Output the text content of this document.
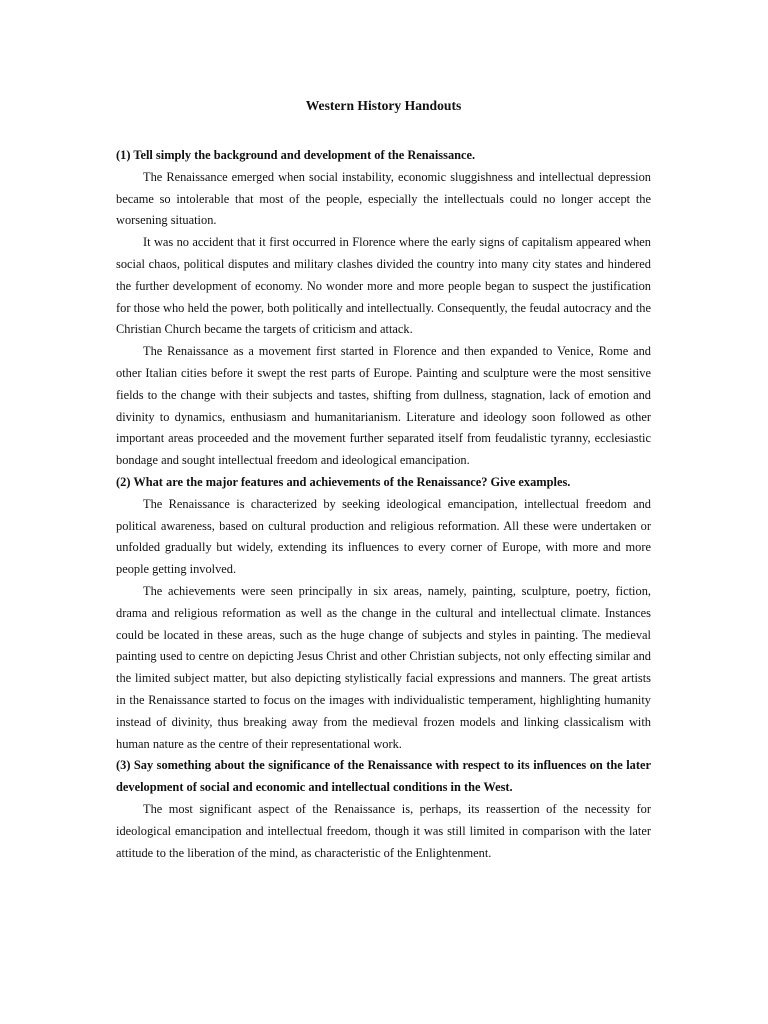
Western History Handouts

(1) Tell simply the background and development of the Renaissance.

The Renaissance emerged when social instability, economic sluggishness and intellectual depression became so intolerable that most of the people, especially the intellectuals could no longer accept the worsening situation.

It was no accident that it first occurred in Florence where the early signs of capitalism appeared when social chaos, political disputes and military clashes divided the country into many city states and hindered the further development of economy. No wonder more and more people began to suspect the justification for those who held the power, both politically and intellectually. Consequently, the feudal autocracy and the Christian Church became the targets of criticism and attack.

The Renaissance as a movement first started in Florence and then expanded to Venice, Rome and other Italian cities before it swept the rest parts of Europe. Painting and sculpture were the most sensitive fields to the change with their subjects and tastes, shifting from dullness, stagnation, lack of emotion and divinity to dynamics, enthusiasm and humanitarianism. Literature and ideology soon followed as other important areas proceeded and the movement further separated itself from feudalistic tyranny, ecclesiastic bondage and sought intellectual freedom and ideological emancipation.

(2) What are the major features and achievements of the Renaissance? Give examples.

The Renaissance is characterized by seeking ideological emancipation, intellectual freedom and political awareness, based on cultural production and religious reformation. All these were undertaken or unfolded gradually but widely, extending its influences to every corner of Europe, with more and more people getting involved.

The achievements were seen principally in six areas, namely, painting, sculpture, poetry, fiction, drama and religious reformation as well as the change in the cultural and intellectual climate. Instances could be located in these areas, such as the huge change of subjects and styles in painting. The medieval painting used to centre on depicting Jesus Christ and other Christian subjects, not only effecting similar and the limited subject matter, but also depicting stylistically facial expressions and manners. The great artists in the Renaissance started to focus on the images with individualistic temperament, highlighting humanity instead of divinity, thus breaking away from the medieval frozen models and linking classicalism with human nature as the centre of their representational work.

(3) Say something about the significance of the Renaissance with respect to its influences on the later development of social and economic and intellectual conditions in the West.

The most significant aspect of the Renaissance is, perhaps, its reassertion of the necessity for ideological emancipation and intellectual freedom, though it was still limited in comparison with the later attitude to the liberation of the mind, as characteristic of the Enlightenment.
